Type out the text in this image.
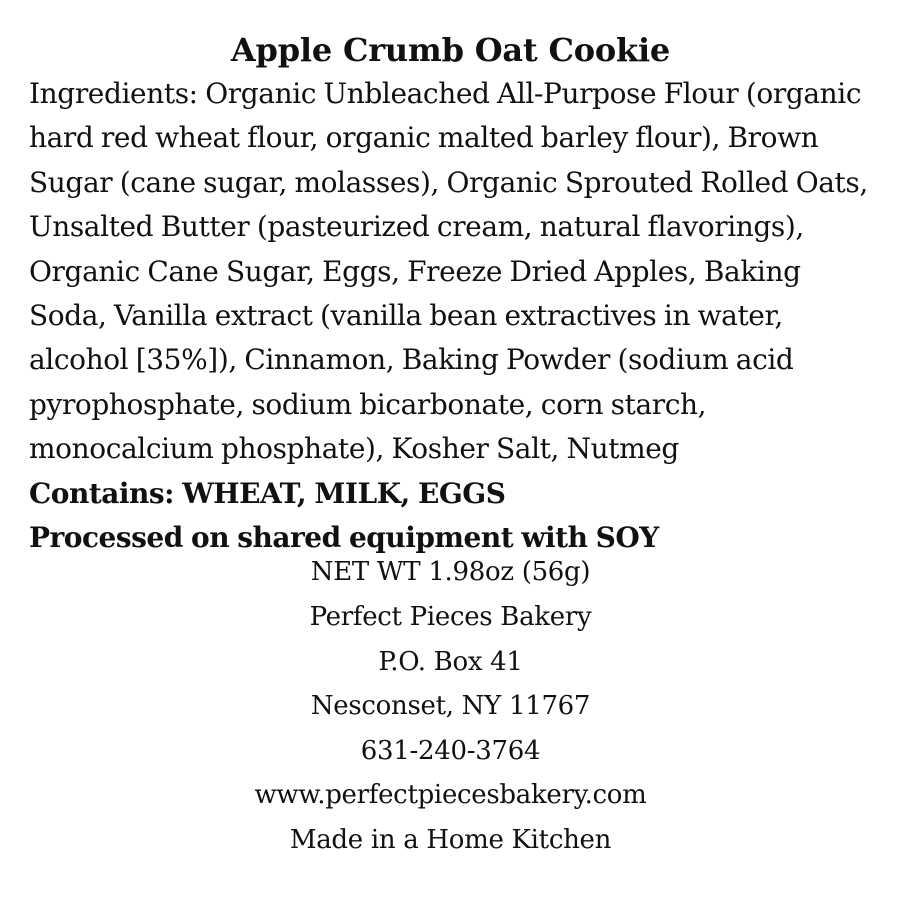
Apple Crumb Oat Cookie

Ingredients: Organic Unbleached All-Purpose Flour (organic hard red wheat flour, organic malted barley flour), Brown Sugar (cane sugar, molasses), Organic Sprouted Rolled Oats, Unsalted Butter (pasteurized cream, natural flavorings), Organic Cane Sugar, Eggs, Freeze Dried Apples, Baking Soda, Vanilla extract (vanilla bean extractives in water, alcohol [35%]), Cinnamon, Baking Powder (sodium acid pyrophosphate, sodium bicarbonate, corn starch, monocalcium phosphate), Kosher Salt, Nutmeg

Contains: WHEAT, MILK, EGGS

Processed on shared equipment with SOY

NET WT 1.98oz (56g)
Perfect Pieces Bakery
P.O. Box 41
Nesconset, NY 11767
631-240-3764
www.perfectpiecesbakery.com
Made in a Home Kitchen
